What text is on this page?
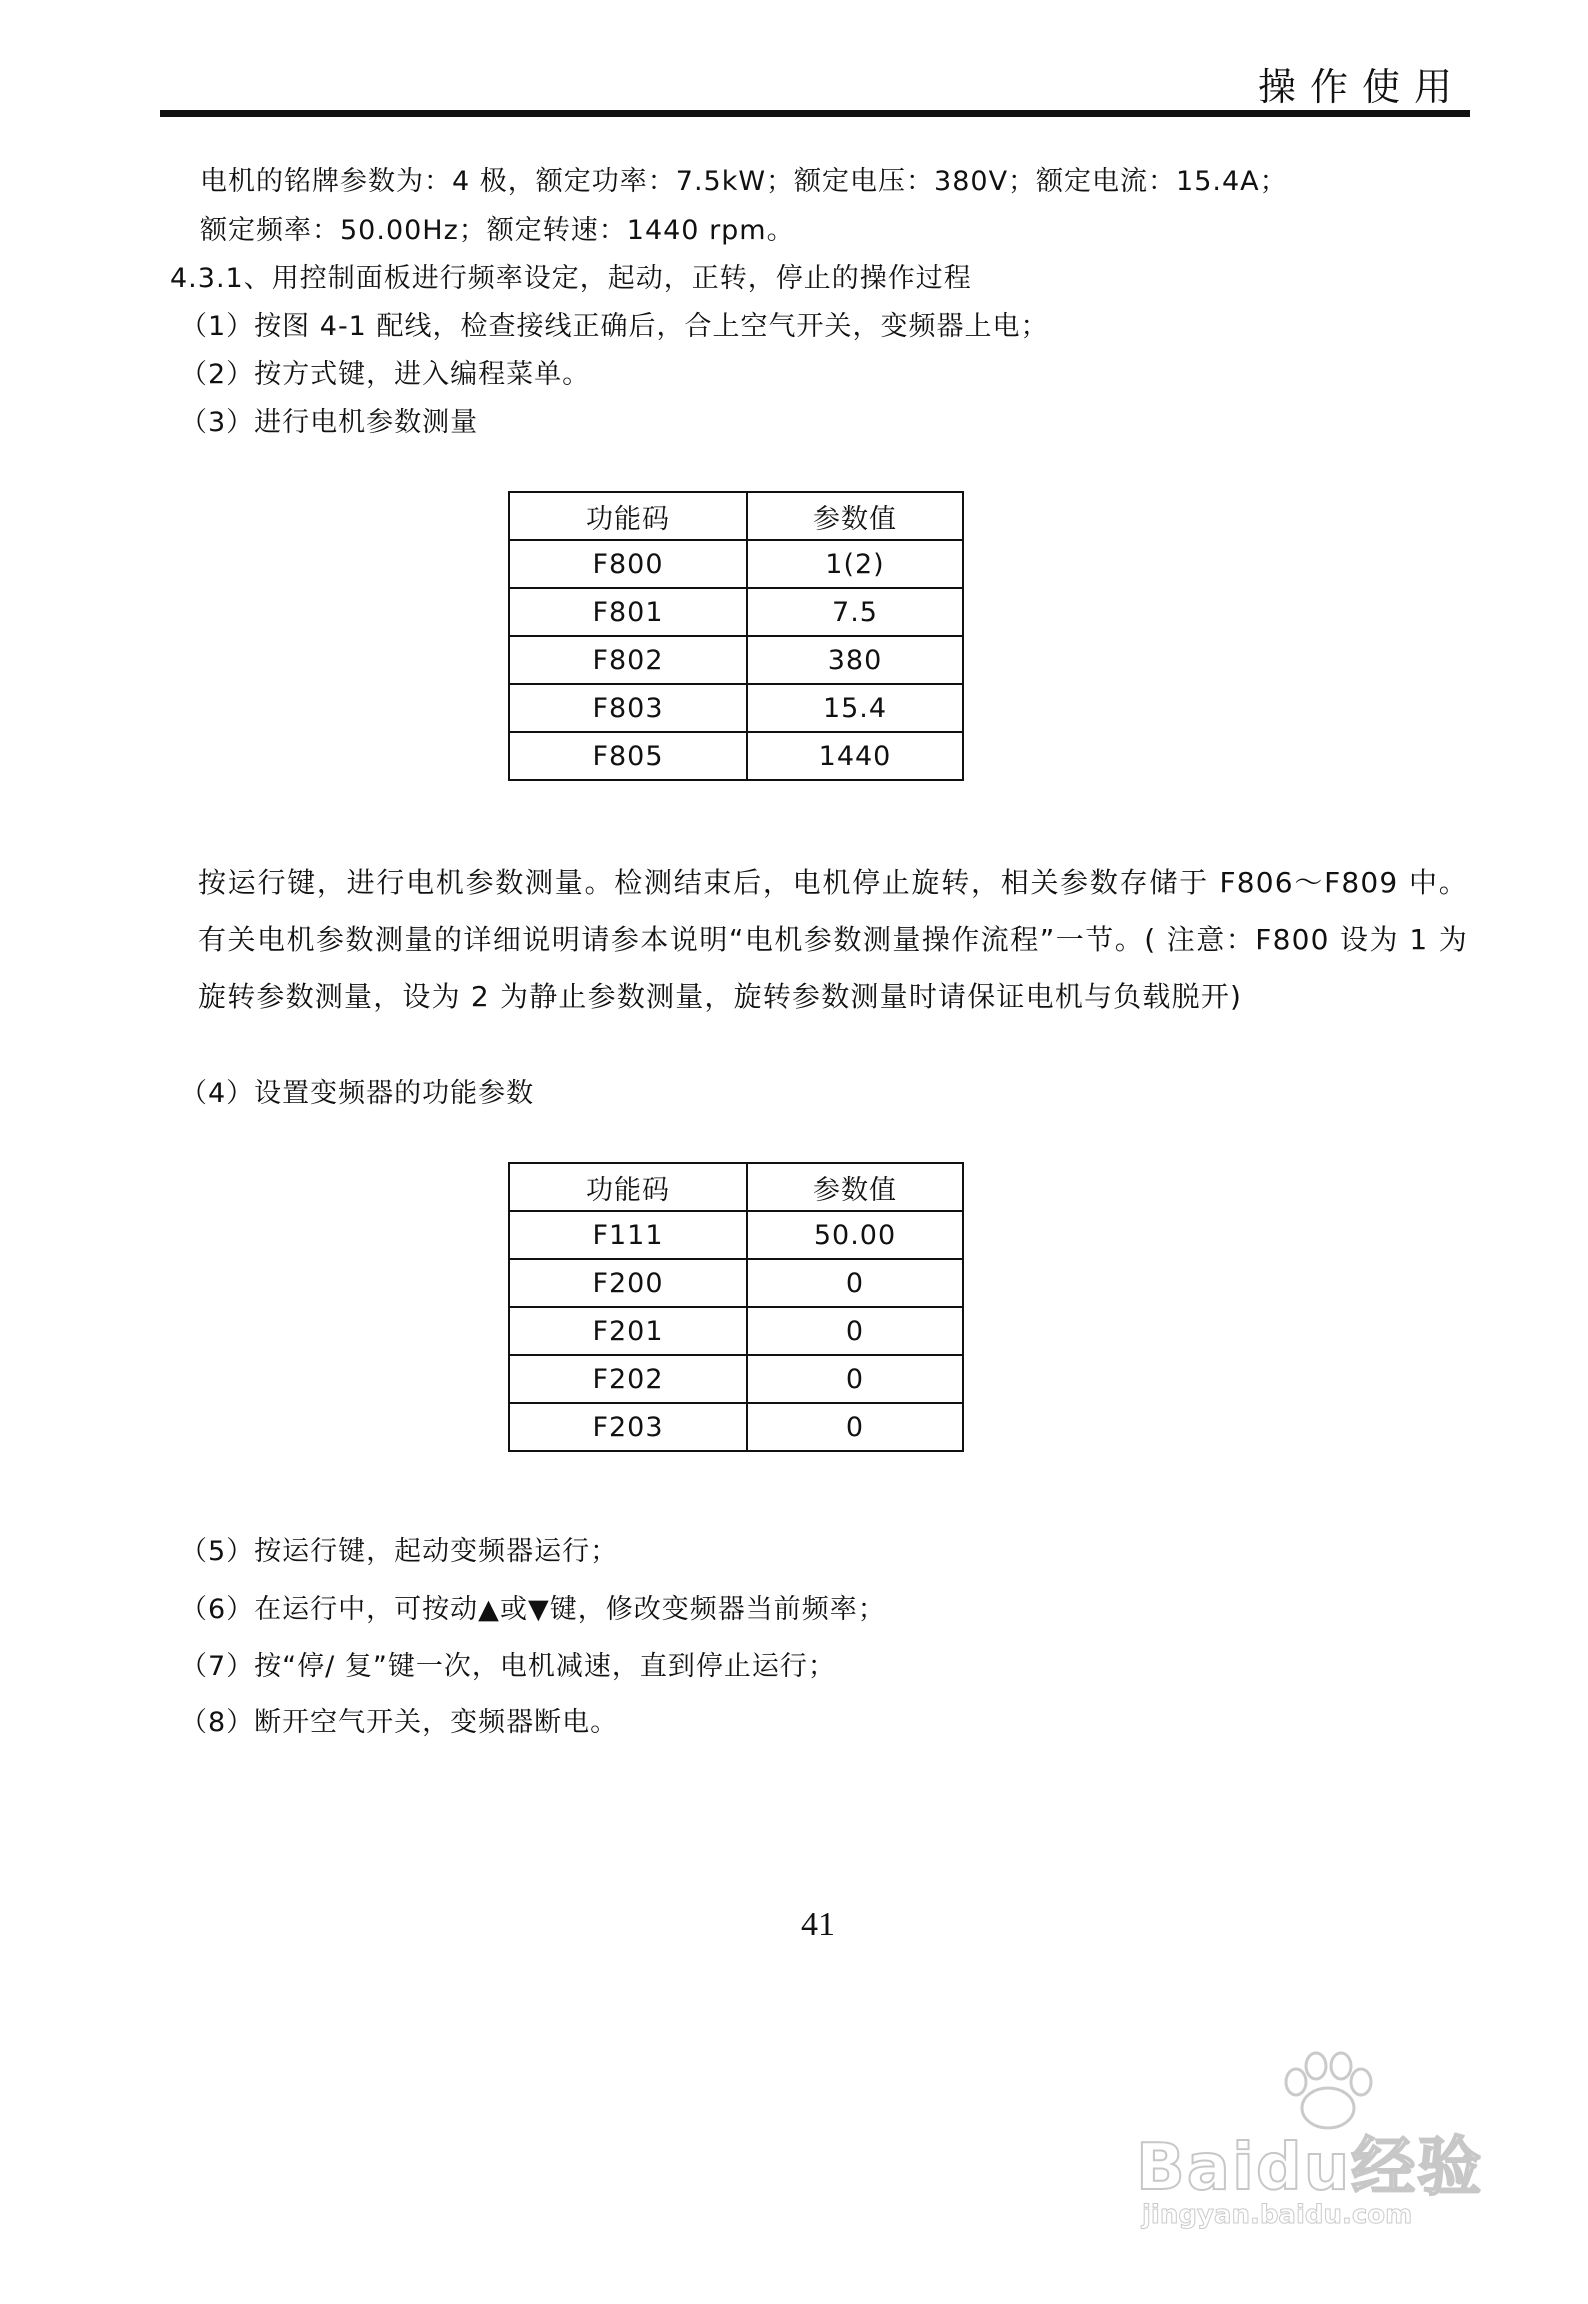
操作使用
电机的铭牌参数为：4 极，额定功率：7.5kW；额定电压：380V；额定电流：15.4A；
额定频率：50.00Hz；额定转速：1440 rpm。
4.3.1、用控制面板进行频率设定，起动，正转，停止的操作过程
（1）按图 4-1 配线，检查接线正确后，合上空气开关，变频器上电；
（2）按方式键，进入编程菜单。
（3）进行电机参数测量
功能码	参数值
F800	1(2)
F801	7.5
F802	380
F803	15.4
F805	1440
按运行键，进行电机参数测量。检测结束后，电机停止旋转，相关参数存储于 F806～F809 中。有关电机参数测量的详细说明请参本说明“电机参数测量操作流程”一节。( 注意：F800 设为 1 为旋转参数测量，设为 2 为静止参数测量，旋转参数测量时请保证电机与负载脱开)
（4）设置变频器的功能参数
功能码	参数值
F111	50.00
F200	0
F201	0
F202	0
F203	0
（5）按运行键，起动变频器运行；
（6）在运行中，可按动▲或▼键，修改变频器当前频率；
（7）按“停/ 复”键一次，电机减速，直到停止运行；
（8）断开空气开关，变频器断电。
41
Baidu经验
jingyan.baidu.com
